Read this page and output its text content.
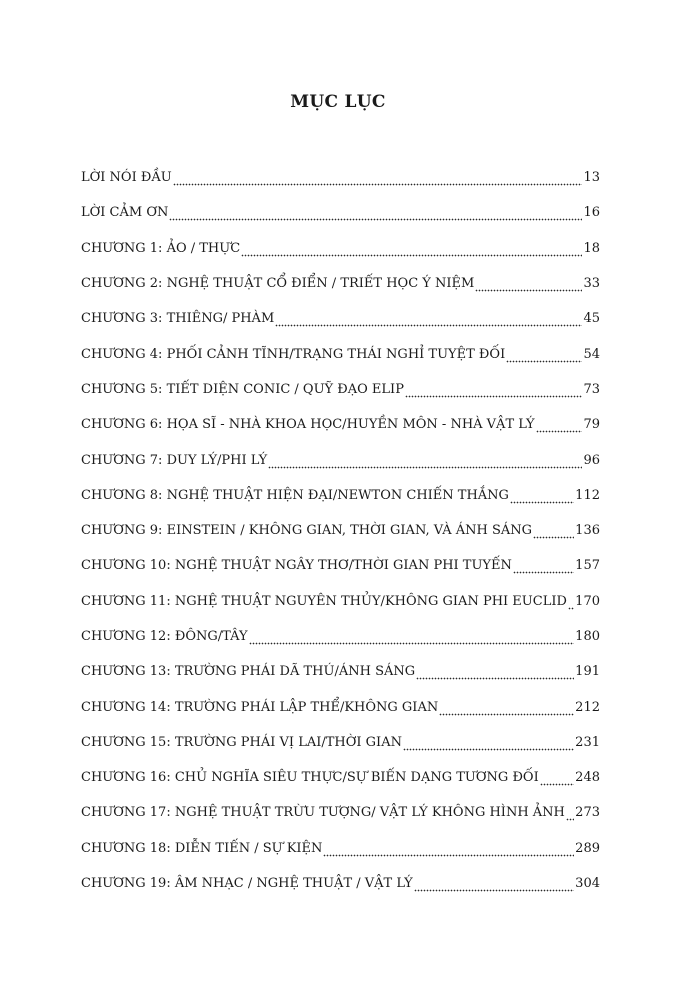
MỤC LỤC
LỜI NÓI ĐẦU	13
LỜI CẢM ƠN	16
CHƯƠNG 1: ẢO / THỰC	18
CHƯƠNG 2: NGHỆ THUẬT CỔ ĐIỂN / TRIẾT HỌC Ý NIỆM	33
CHƯƠNG 3: THIÊNG/ PHÀM	45
CHƯƠNG 4: PHỐI CẢNH TĨNH/TRẠNG THÁI NGHỈ TUYỆT ĐỐI	54
CHƯƠNG 5: TIẾT DIỆN CONIC / QUỸ ĐẠO ELIP	73
CHƯƠNG 6: HỌA SĨ - NHÀ KHOA HỌC/HUYỀN MÔN - NHÀ VẬT LÝ	79
CHƯƠNG 7: DUY LÝ/PHI LÝ	96
CHƯƠNG 8: NGHỆ THUẬT HIỆN ĐẠI/NEWTON CHIẾN THẮNG	112
CHƯƠNG 9: EINSTEIN / KHÔNG GIAN, THỜI GIAN, VÀ ÁNH SÁNG	136
CHƯƠNG 10: NGHỆ THUẬT NGÂY THƠ/THỜI GIAN PHI TUYẾN	157
CHƯƠNG 11: NGHỆ THUẬT NGUYÊN THỦY/KHÔNG GIAN PHI EUCLID 170
CHƯƠNG 12: ĐÔNG/TÂY	180
CHƯƠNG 13: TRƯỜNG PHÁI DÃ THÚ/ÁNH SÁNG	191
CHƯƠNG 14: TRƯỜNG PHÁI LẬP THỂ/KHÔNG GIAN	212
CHƯƠNG 15: TRƯỜNG PHÁI VỊ LAI/THỜI GIAN	231
CHƯƠNG 16: CHỦ NGHĨA SIÊU THỰC/SỰ BIẾN DẠNG TƯƠNG ĐỐI	248
CHƯƠNG 17: NGHỆ THUẬT TRỪU TƯỢNG/ VẬT LÝ KHÔNG HÌNH ẢNH 273
CHƯƠNG 18: DIỄN TIẾN / SỰ KIỆN	289
CHƯƠNG 19: ÂM NHẠC / NGHỆ THUẬT / VẬT LÝ	304
